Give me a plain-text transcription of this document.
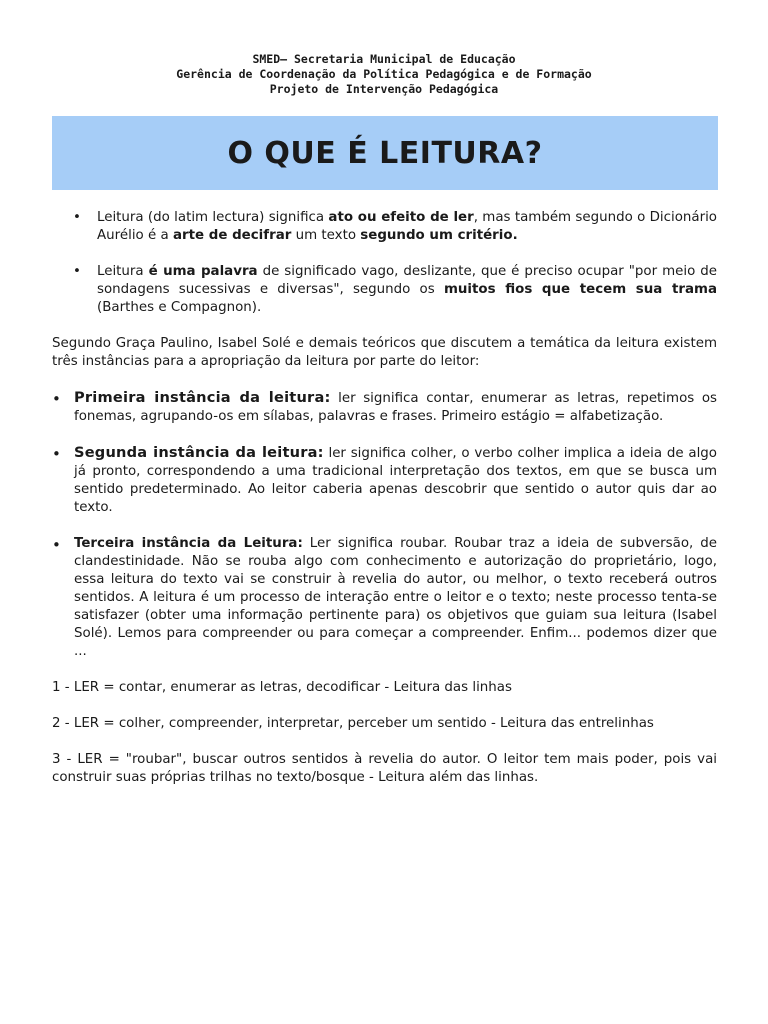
SMED– Secretaria Municipal de Educação
Gerência de Coordenação da Política Pedagógica e de Formação
Projeto de Intervenção Pedagógica
O QUE É LEITURA?
• Leitura (do latim lectura) significa ato ou efeito de ler, mas também segundo o Dicionário Aurélio é a arte de decifrar um texto segundo um critério.
• Leitura é uma palavra de significado vago, deslizante, que é preciso ocupar "por meio de sondagens sucessivas e diversas", segundo os muitos fios que tecem sua trama (Barthes e Compagnon).

Segundo Graça Paulino, Isabel Solé e demais teóricos que discutem a temática da leitura existem três instâncias para a apropriação da leitura por parte do leitor:

• Primeira instância da leitura: ler significa contar, enumerar as letras, repetimos os fonemas, agrupando-os em sílabas, palavras e frases. Primeiro estágio = alfabetização.
• Segunda instância da leitura: ler significa colher, o verbo colher implica a ideia de algo já pronto, correspondendo a uma tradicional interpretação dos textos, em que se busca um sentido predeterminado. Ao leitor caberia apenas descobrir que sentido o autor quis dar ao texto.
• Terceira instância da Leitura: Ler significa roubar. Roubar traz a ideia de subversão, de clandestinidade. Não se rouba algo com conhecimento e autorização do proprietário, logo, essa leitura do texto vai se construir à revelia do autor, ou melhor, o texto receberá outros sentidos. A leitura é um processo de interação entre o leitor e o texto; neste processo tenta-se satisfazer (obter uma informação pertinente para) os objetivos que guiam sua leitura (Isabel Solé). Lemos para compreender ou para começar a compreender. Enfim... podemos dizer que ...

1 - LER = contar, enumerar as letras, decodificar - Leitura das linhas

2 - LER = colher, compreender, interpretar, perceber um sentido - Leitura das entrelinhas

3 - LER = "roubar", buscar outros sentidos à revelia do autor. O leitor tem mais poder, pois vai construir suas próprias trilhas no texto/bosque - Leitura além das linhas.
